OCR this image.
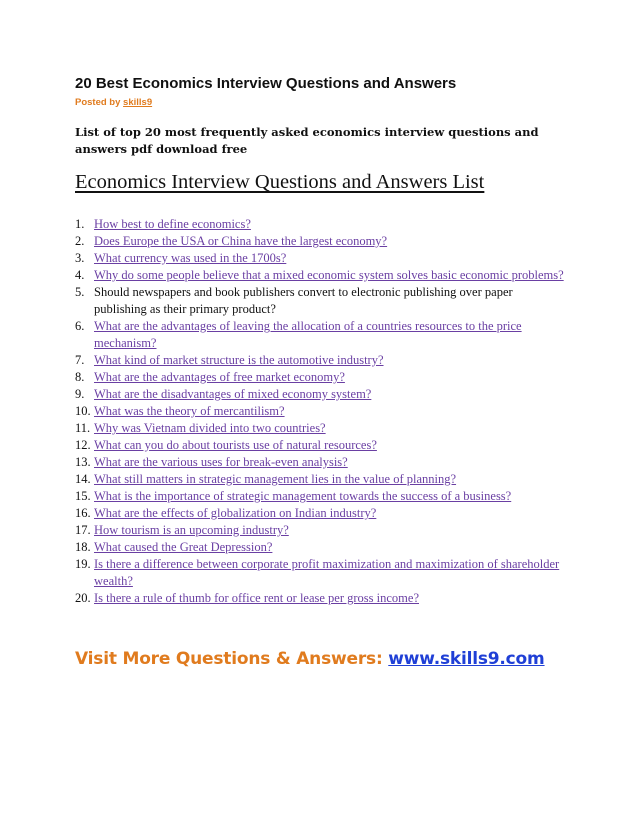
20 Best Economics Interview Questions and Answers
Posted by skills9
List of top 20 most frequently asked economics interview questions and answers pdf download free
Economics Interview Questions and Answers List
1. How best to define economics?
2. Does Europe the USA or China have the largest economy?
3. What currency was used in the 1700s?
4. Why do some people believe that a mixed economic system solves basic economic problems?
5. Should newspapers and book publishers convert to electronic publishing over paper publishing as their primary product?
6. What are the advantages of leaving the allocation of a countries resources to the price mechanism?
7. What kind of market structure is the automotive industry?
8. What are the advantages of free market economy?
9. What are the disadvantages of mixed economy system?
10. What was the theory of mercantilism?
11. Why was Vietnam divided into two countries?
12. What can you do about tourists use of natural resources?
13. What are the various uses for break-even analysis?
14. What still matters in strategic management lies in the value of planning?
15. What is the importance of strategic management towards the success of a business?
16. What are the effects of globalization on Indian industry?
17. How tourism is an upcoming industry?
18. What caused the Great Depression?
19. Is there a difference between corporate profit maximization and maximization of shareholder wealth?
20. Is there a rule of thumb for office rent or lease per gross income?
Visit More Questions & Answers: www.skills9.com
